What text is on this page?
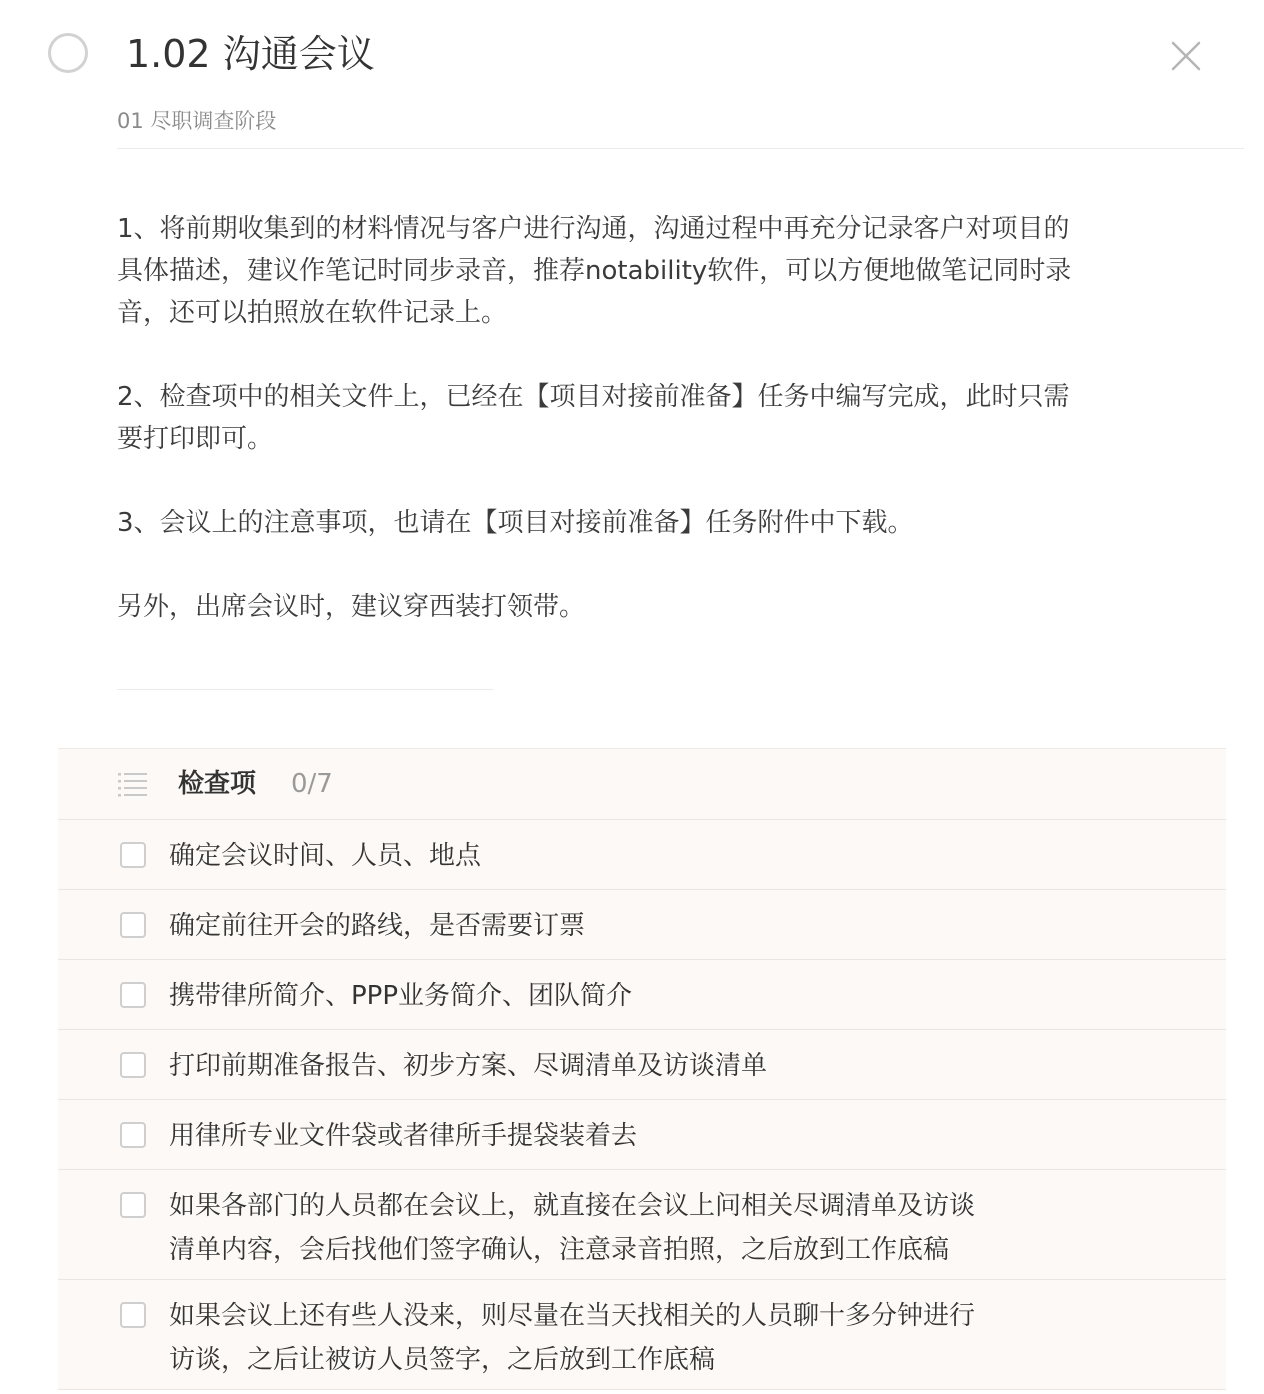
1.02 沟通会议
01 尽职调查阶段

1、将前期收集到的材料情况与客户进行沟通，沟通过程中再充分记录客户对项目的
具体描述，建议作笔记时同步录音，推荐notability软件，可以方便地做笔记同时录
音，还可以拍照放在软件记录上。

2、检查项中的相关文件上，已经在【项目对接前准备】任务中编写完成，此时只需
要打印即可。

3、会议上的注意事项，也请在【项目对接前准备】任务附件中下载。

另外，出席会议时，建议穿西装打领带。

检查项 0/7
确定会议时间、人员、地点
确定前往开会的路线，是否需要订票
携带律所简介、PPP业务简介、团队简介
打印前期准备报告、初步方案、尽调清单及访谈清单
用律所专业文件袋或者律所手提袋装着去
如果各部门的人员都在会议上，就直接在会议上问相关尽调清单及访谈
清单内容，会后找他们签字确认，注意录音拍照，之后放到工作底稿
如果会议上还有些人没来，则尽量在当天找相关的人员聊十多分钟进行
访谈，之后让被访人员签字，之后放到工作底稿
